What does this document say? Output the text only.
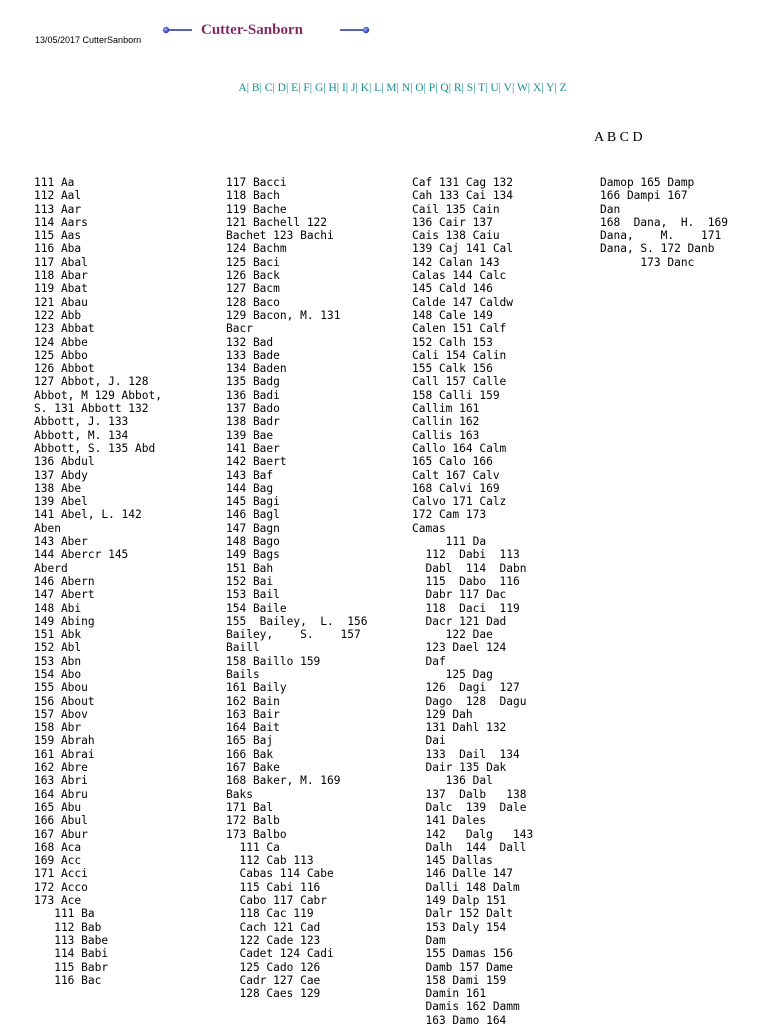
13/05/2017 CutterSanborn
Cutter-Sanborn
A| B| C| D| E| F| G| H| I| J| K| L| M| N| O| P| Q| R| S| T| U| V| W| X| Y| Z
A B C D
111 Aa
112 Aal
113 Aar
114 Aars
115 Aas
116 Aba
117 Abal
118 Abar
119 Abat
121 Abau
122 Abb
123 Abbat
124 Abbe
125 Abbo
126 Abbot
127 Abbot, J. 128
Abbot, M 129 Abbot,
S. 131 Abbott 132
Abbott, J. 133
Abbott, M. 134
Abbott, S. 135 Abd
136 Abdul
137 Abdy
138 Abe
139 Abel
141 Abel, L. 142
Aben
143 Aber
144 Abercr 145
Aberd
146 Abern
147 Abert
148 Abi
149 Abing
151 Abk
152 Abl
153 Abn
154 Abo
155 Abou
156 About
157 Abov
158 Abr
159 Abrah
161 Abrai
162 Abre
163 Abri
164 Abru
165 Abu
166 Abul
167 Abur
168 Aca
169 Acc
171 Acci
172 Acco
173 Ace
111 Ba
112 Bab
113 Babe
114 Babi
115 Babr
116 Bac
117 Bacci
118 Bach
119 Bache
121 Bachell 122
Bachet 123 Bachi
124 Bachm
125 Baci
126 Back
127 Bacm
128 Baco
129 Bacon, M. 131
Bacr
132 Bad
133 Bade
134 Baden
135 Badg
136 Badi
137 Bado
138 Badr
139 Bae
141 Baer
142 Baert
143 Baf
144 Bag
145 Bagi
146 Bagl
147 Bagn
148 Bago
149 Bags
151 Bah
152 Bai
153 Bail
154 Baile
155  Bailey,  L.  156
Bailey,    S.    157
Baill
158 Baillo 159
Bails
161 Baily
162 Bain
163 Bair
164 Bait
165 Baj
166 Bak
167 Bake
168 Baker, M. 169
Baks
171 Bal
172 Balb
173 Balbo
111 Ca
112 Cab 113
Cabas 114 Cabe
115 Cabi 116
Cabo 117 Cabr
118 Cac 119
Cach 121 Cad
122 Cade 123
Cadet 124 Cadi
125 Cado 126
Cadr 127 Cae
128 Caes 129
Caf 131 Cag 132
Cah 133 Cai 134
Cail 135 Cain
136 Cair 137
Cais 138 Caiu
139 Caj 141 Cal
142 Calan 143
Calas 144 Calc
145 Cald 146
Calde 147 Caldw
148 Cale 149
Calen 151 Calf
152 Calh 153
Cali 154 Calin
155 Calk 156
Call 157 Calle
158 Calli 159
Callim 161
Callin 162
Callis 163
Callo 164 Calm
165 Calo 166
Calt 167 Calv
168 Calvi 169
Calvo 171 Calz
172 Cam 173
Camas
111 Da
112  Dabi  113
Dabl  114  Dabn
115  Dabo  116
Dabr 117 Dac
118  Daci  119
Dacr 121 Dad
122 Dae
123 Dael 124
Daf
125 Dag
126  Dagi  127
Dago  128  Dagu
129 Dah
131 Dahl 132
Dai
133  Dail  134
Dair 135 Dak
136 Dal
137  Dalb   138
Dalc  139  Dale
141 Dales
142   Dalg   143
Dalh  144  Dall
145 Dallas
146 Dalle 147
Dalli 148 Dalm
149 Dalp 151
Dalr 152 Dalt
153 Daly 154
Dam
155 Damas 156
Damb 157 Dame
158 Dami 159
Damin 161
Damis 162 Damm
163 Damo 164
Damop 165 Damp
166 Dampi 167
Dan
168  Dana,  H.  169
Dana,    M.    171
Dana, S. 172 Danb
173 Danc
